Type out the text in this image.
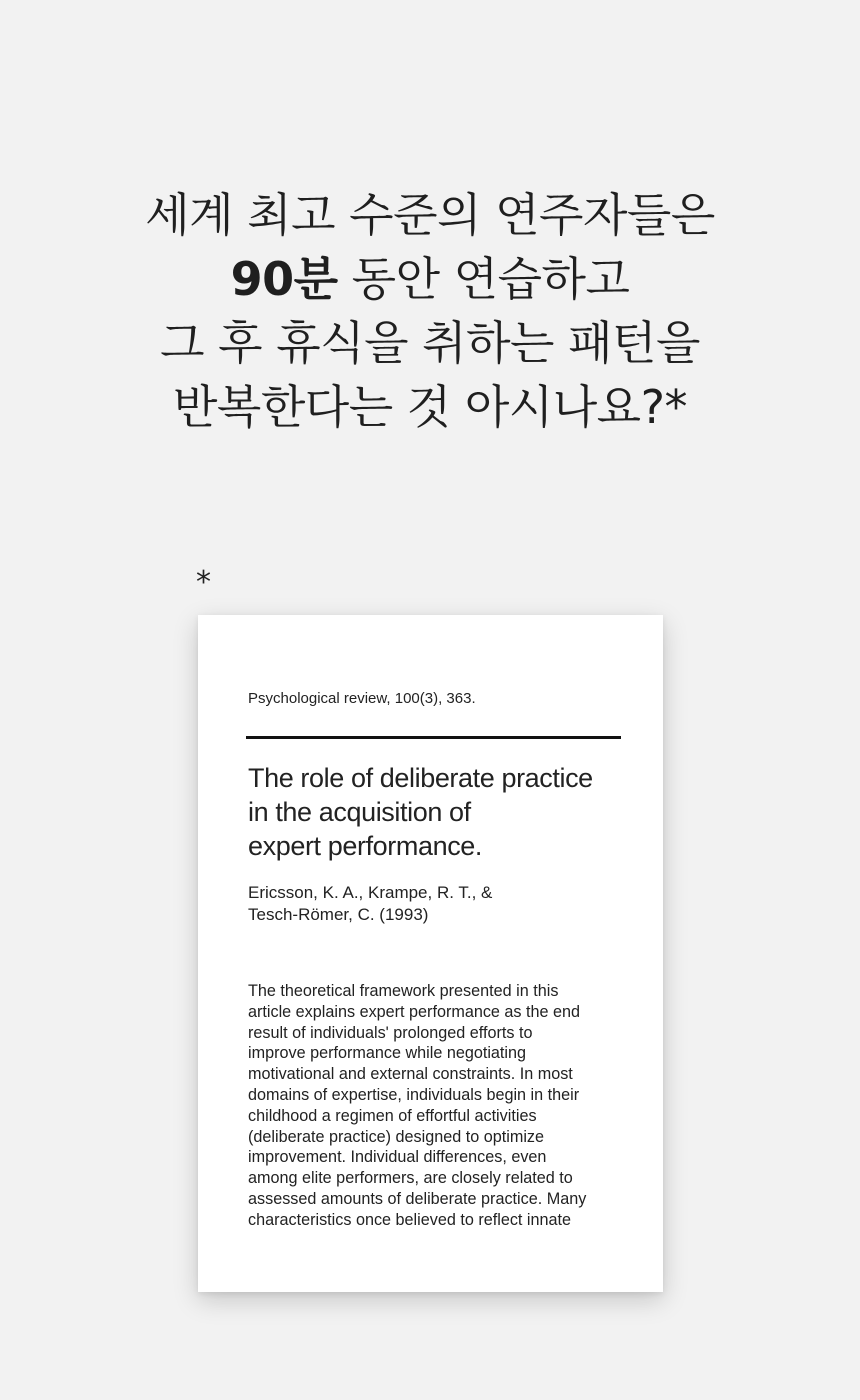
세계 최고 수준의 연주자들은
90분 동안 연습하고
그 후 휴식을 취하는 패턴을
반복한다는 것 아시나요?*
*
Psychological review, 100(3), 363.
The role of deliberate practice
in the acquisition of
expert performance.
Ericsson, K. A., Krampe, R. T., &
Tesch-Römer, C. (1993)
The theoretical framework presented in this
article explains expert performance as the end
result of individuals' prolonged efforts to
improve performance while negotiating
motivational and external constraints. In most
domains of expertise, individuals begin in their
childhood a regimen of effortful activities
(deliberate practice) designed to optimize
improvement. Individual differences, even
among elite performers, are closely related to
assessed amounts of deliberate practice. Many
characteristics once believed to reflect innate
